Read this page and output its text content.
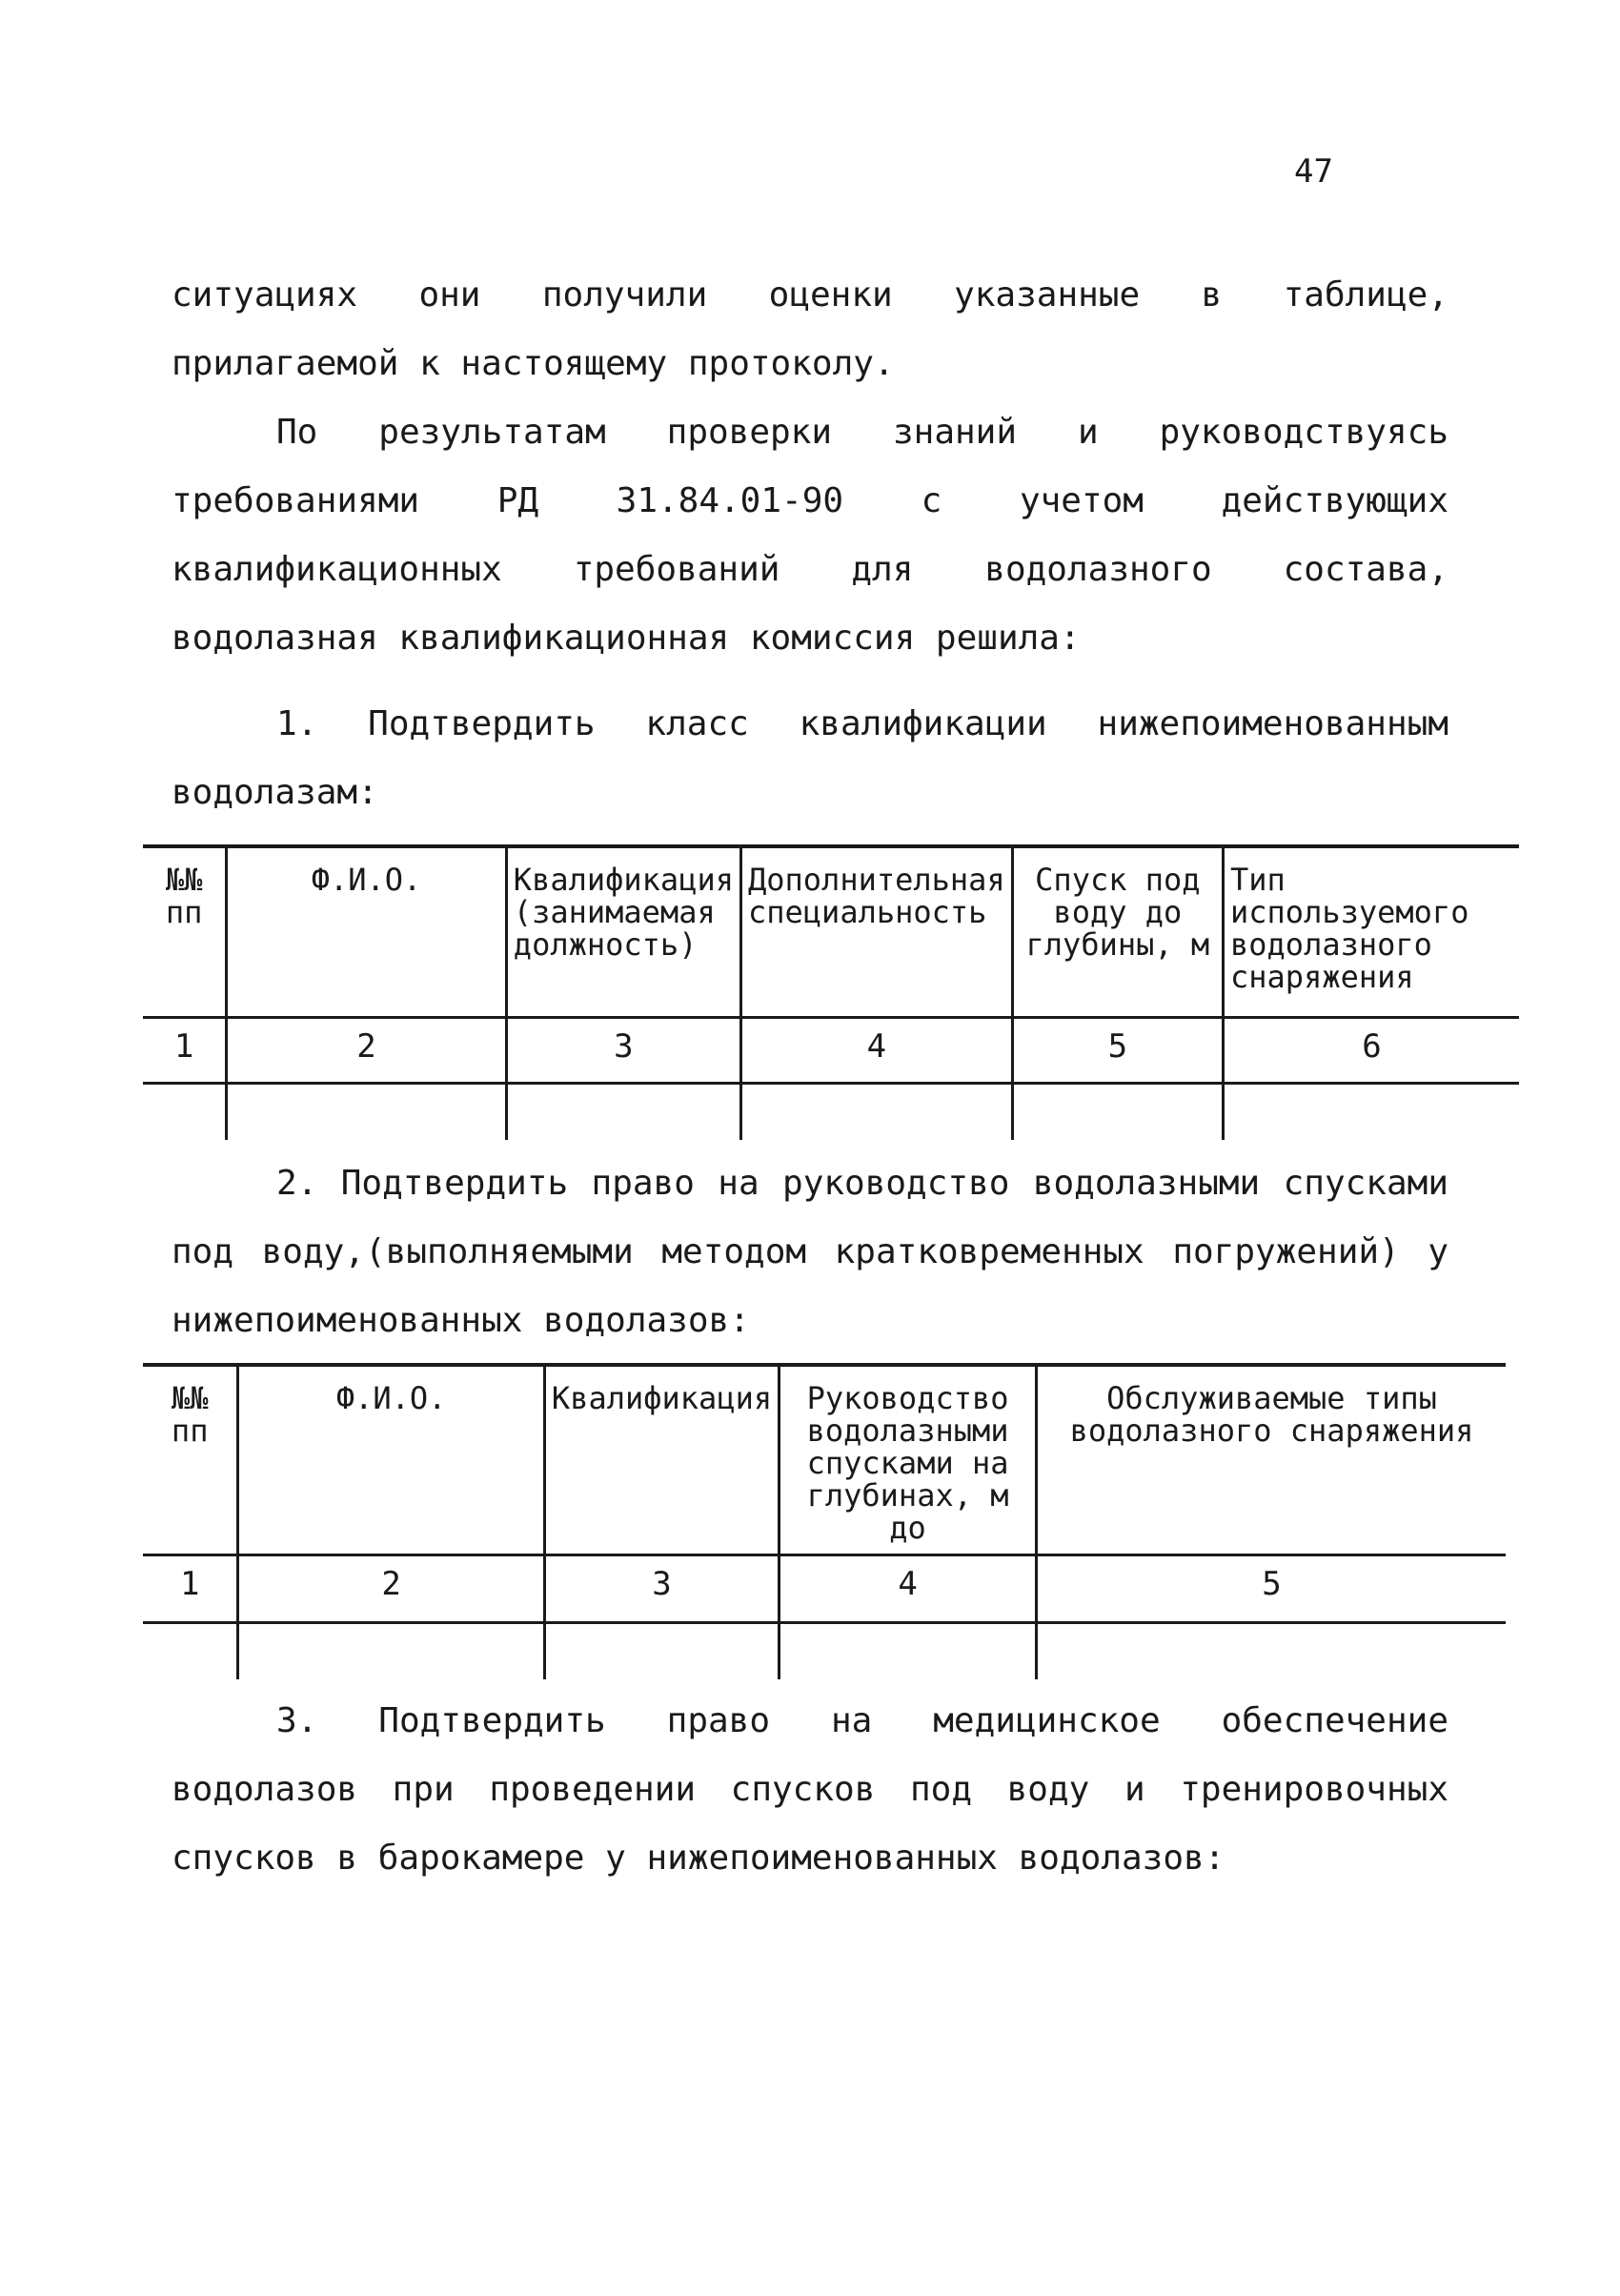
47

ситуациях они получили оценки указанные в таблице, прилагаемой к настоящему протоколу.

По результатам проверки знаний и руководствуясь требованиями РД 31.84.01-90 с учетом действующих квалификационных требований для водолазного состава, водолазная квалификационная комиссия решила:

1. Подтвердить класс квалификации нижепоименованным водолазам:

№№ пп	Ф.И.О.	Квалификация (занимаемая должность)	Дополнительная специальность	Спуск под воду до глубины, м	Тип используемого водолазного снаряжения
1	2	3	4	5	6

2. Подтвердить право на руководство водолазными спусками под воду,(выполняемыми методом кратковременных погружений) у нижепоименованных водолазов:

№№ пп	Ф.И.О.	Квалификация	Руководство водолазными спусками на глубинах, м до	Обслуживаемые типы водолазного снаряжения
1	2	3	4	5

3. Подтвердить право на медицинское обеспечение водолазов при проведении спусков под воду и тренировочных спусков в барокамере у нижепоименованных водолазов:
